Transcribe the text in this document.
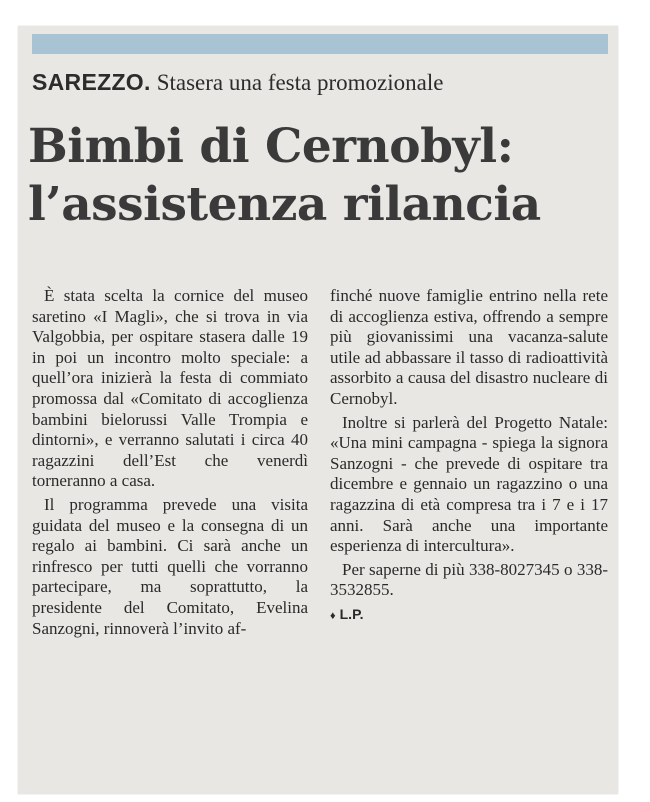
SAREZZO. Stasera una festa promozionale
Bimbi di Cernobyl:
l’assistenza rilancia

È stata scelta la cornice del museo saretino «I Magli», che si trova in via Valgobbia, per ospitare stasera dalle 19 in poi un incontro molto speciale: a quell’ora inizierà la festa di commiato promossa dal «Comitato di accoglienza bambini bielorussi Valle Trompia e dintorni», e verranno salutati i circa 40 ragazzini dell’Est che venerdì torneranno a casa.

Il programma prevede una visita guidata del museo e la consegna di un regalo ai bambini. Ci sarà anche un rinfresco per tutti quelli che vorranno partecipare, ma soprattutto, la presidente del Comitato, Evelina Sanzogni, rinnoverà l’invito af-

finché nuove famiglie entrino nella rete di accoglienza estiva, offrendo a sempre più giovanissimi una vacanza-salute utile ad abbassare il tasso di radioattività assorbito a causa del disastro nucleare di Cernobyl.

Inoltre si parlerà del Progetto Natale: «Una mini campagna - spiega la signora Sanzogni - che prevede di ospitare tra dicembre e gennaio un ragazzino o una ragazzina di età compresa tra i 7 e i 17 anni. Sarà anche una importante esperienza di intercultura».

Per saperne di più 338-8027345 o 338-3532855.

♦ L.P.
